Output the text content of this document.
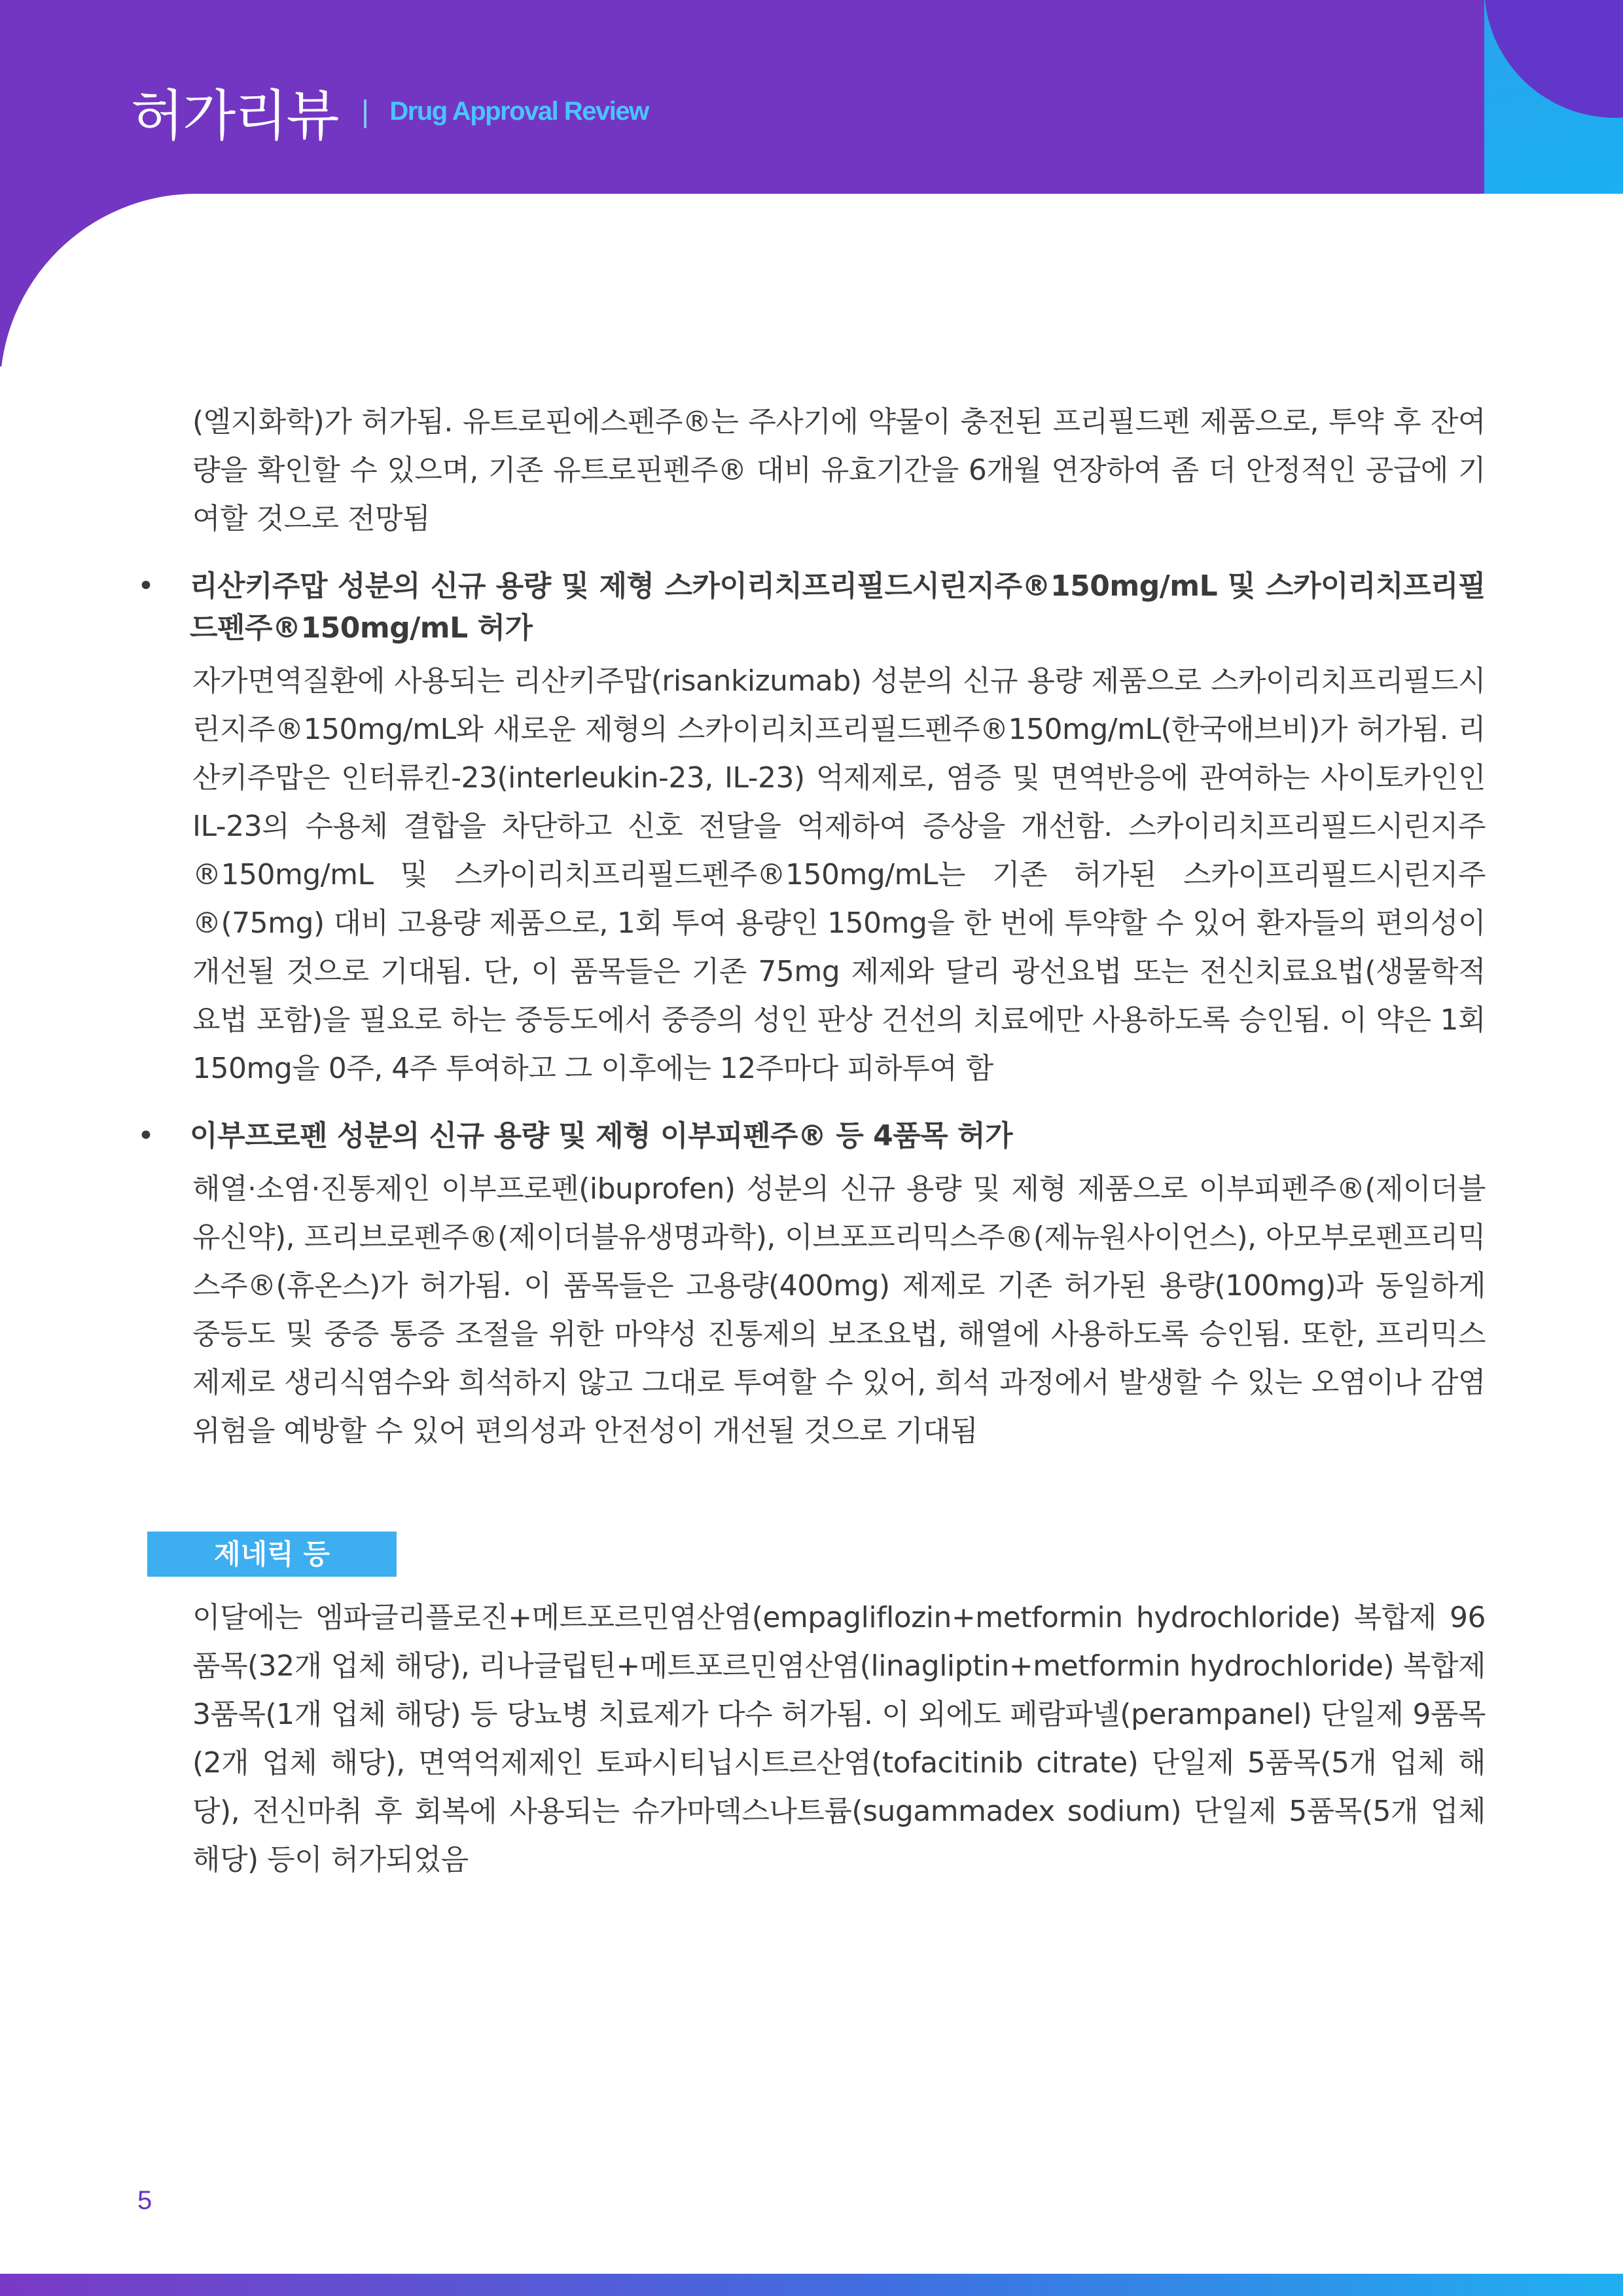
허가리뷰 | Drug Approval Review

(엘지화학)가 허가됨. 유트로핀에스펜주®는 주사기에 약물이 충전된 프리필드펜 제품으로, 투약 후 잔여량을 확인할 수 있으며, 기존 유트로핀펜주® 대비 유효기간을 6개월 연장하여 좀 더 안정적인 공급에 기여할 것으로 전망됨

•	리산키주맙 성분의 신규 용량 및 제형 스카이리치프리필드시린지주®150mg/mL 및 스카이리치프리필드펜주®150mg/mL 허가

자가면역질환에 사용되는 리산키주맙(risankizumab) 성분의 신규 용량 제품으로 스카이리치프리필드시린지주®150mg/mL와 새로운 제형의 스카이리치프리필드펜주®150mg/mL(한국애브비)가 허가됨. 리산키주맙은 인터류킨-23(interleukin-23, IL-23) 억제제로, 염증 및 면역반응에 관여하는 사이토카인인 IL-23의 수용체 결합을 차단하고 신호 전달을 억제하여 증상을 개선함. 스카이리치프리필드시린지주®150mg/mL 및 스카이리치프리필드펜주®150mg/mL는 기존 허가된 스카이프리필드시린지주®(75mg) 대비 고용량 제품으로, 1회 투여 용량인 150mg을 한 번에 투약할 수 있어 환자들의 편의성이 개선될 것으로 기대됨. 단, 이 품목들은 기존 75mg 제제와 달리 광선요법 또는 전신치료요법(생물학적 요법 포함)을 필요로 하는 중등도에서 중증의 성인 판상 건선의 치료에만 사용하도록 승인됨. 이 약은 1회 150mg을 0주, 4주 투여하고 그 이후에는 12주마다 피하투여 함

•	이부프로펜 성분의 신규 용량 및 제형 이부피펜주® 등 4품목 허가

해열·소염·진통제인 이부프로펜(ibuprofen) 성분의 신규 용량 및 제형 제품으로 이부피펜주®(제이더블유신약), 프리브로펜주®(제이더블유생명과학), 이브포프리믹스주®(제뉴원사이언스), 아모부로펜프리믹스주®(휴온스)가 허가됨. 이 품목들은 고용량(400mg) 제제로 기존 허가된 용량(100mg)과 동일하게 중등도 및 중증 통증 조절을 위한 마약성 진통제의 보조요법, 해열에 사용하도록 승인됨. 또한, 프리믹스제제로 생리식염수와 희석하지 않고 그대로 투여할 수 있어, 희석 과정에서 발생할 수 있는 오염이나 감염 위험을 예방할 수 있어 편의성과 안전성이 개선될 것으로 기대됨

제네릭 등

이달에는 엠파글리플로진+메트포르민염산염(empagliflozin+metformin hydrochloride) 복합제 96품목(32개 업체 해당), 리나글립틴+메트포르민염산염(linagliptin+metformin hydrochloride) 복합제 3품목(1개 업체 해당) 등 당뇨병 치료제가 다수 허가됨. 이 외에도 페람파넬(perampanel) 단일제 9품목(2개 업체 해당), 면역억제제인 토파시티닙시트르산염(tofacitinib citrate) 단일제 5품목(5개 업체 해당), 전신마취 후 회복에 사용되는 슈가마덱스나트륨(sugammadex sodium) 단일제 5품목(5개 업체 해당) 등이 허가되었음

5
